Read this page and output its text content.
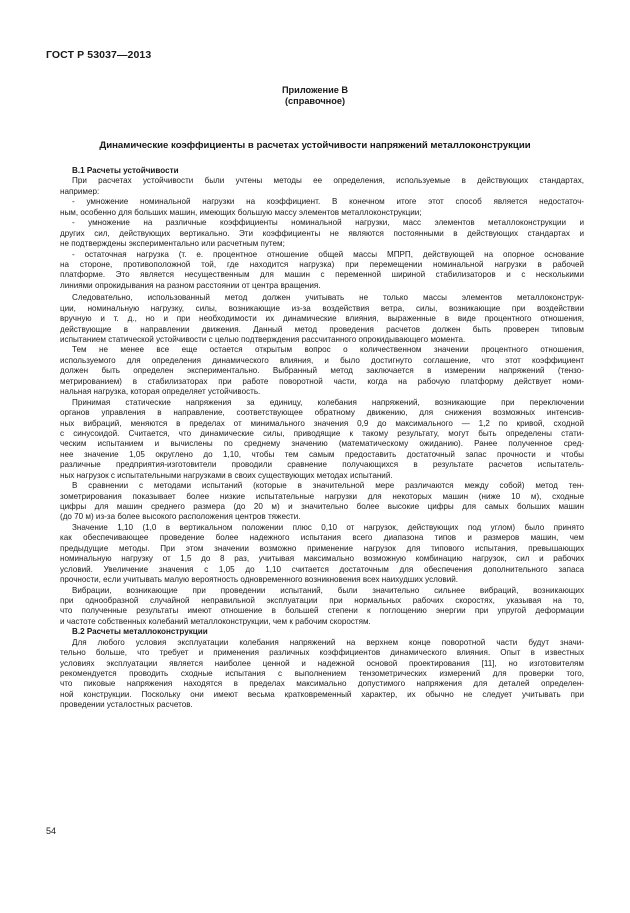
ГОСТ Р 53037—2013
Приложение В
(справочное)
Динамические коэффициенты в расчетах устойчивости напряжений металлоконструкции

В.1 Расчеты устойчивости

При расчетах устойчивости были учтены методы ее определения, используемые в действующих стандартах,

например:

- умножение номинальной нагрузки на коэффициент. В конечном итоге этот способ является недостаточ-

ным, особенно для больших машин, имеющих большую массу элементов металлоконструкции;

- умножение на различные коэффициенты номинальной нагрузки, масс элементов металлоконструкции и

других сил, действующих вертикально. Эти коэффициенты не являются постоянными в действующих стандартах и

не подтверждены экспериментально или расчетным путем;

- остаточная нагрузка (т. е. процентное отношение общей массы МПРП, действующей на опорное основание

на стороне, противоположной той, где находится нагрузка) при перемещении номинальной нагрузки в рабочей

платформе. Это является несущественным для машин с переменной шириной стабилизаторов и с несколькими

линиями опрокидывания на разном расстоянии от центра вращения.

Следовательно, использованный метод должен учитывать не только массы элементов металлоконструк-

ции, номинальную нагрузку, силы, возникающие из-за воздействия ветра, силы, возникающие при воздействии

вручную и т. д., но и при необходимости их динамические влияния, выраженные в виде процентного отношения,

действующие в направлении движения. Данный метод проведения расчетов должен быть проверен типовым

испытанием статической устойчивости с целью подтверждения рассчитанного опрокидывающего момента.

Тем не менее все еще остается открытым вопрос о количественном значении процентного отношения,

используемого для определения динамического влияния, и было достигнуто соглашение, что этот коэффициент

должен быть определен экспериментально. Выбранный метод заключается в измерении напряжений (тензо-

метрированием) в стабилизаторах при работе поворотной части, когда на рабочую платформу действует номи-

нальная нагрузка, которая определяет устойчивость.

Принимая статические напряжения за единицу, колебания напряжений, возникающие при переключении

органов управления в направление, соответствующее обратному движению, для снижения возможных интенсив-

ных вибраций, меняются в пределах от минимального значения 0,9 до максимального — 1,2 по кривой, сходной

с синусоидой. Считается, что динамические силы, приводящие к такому результату, могут быть определены стати-

ческим испытанием и вычислены по среднему значению (математическому ожиданию). Ранее полученное сред-

нее значение 1,05 округлено до 1,10, чтобы тем самым предоставить достаточный запас прочности и чтобы

различные предприятия-изготовители проводили сравнение получающихся в результате расчетов испытатель-

ных нагрузок с испытательными нагрузками в своих существующих методах испытаний.

В сравнении с методами испытаний (которые в значительной мере различаются между собой) метод тен-

зометрирования показывает более низкие испытательные нагрузки для некоторых машин (ниже 10 м), сходные

цифры для машин среднего размера (до 20 м) и значительно более высокие цифры для самых больших машин

(до 70 м) из-за более высокого расположения центров тяжести.

Значение 1,10 (1,0 в вертикальном положении плюс 0,10 от нагрузок, действующих под углом) было принято

как обеспечивающее проведение более надежного испытания всего диапазона типов и размеров машин, чем

предыдущие методы. При этом значении возможно применение нагрузок для типового испытания, превышающих

номинальную нагрузку от 1,5 до 8 раз, учитывая максимально возможную комбинацию нагрузок, сил и рабочих

условий. Увеличение значения с 1,05 до 1,10 считается достаточным для обеспечения дополнительного запаса

прочности, если учитывать малую вероятность одновременного возникновения всех наихудших условий.

Вибрации, возникающие при проведении испытаний, были значительно сильнее вибраций, возникающих

при однообразной случайной неправильной эксплуатации при нормальных рабочих скоростях, указывая на то,

что полученные результаты имеют отношение в большей степени к поглощению энергии при упругой деформации

и частоте собственных колебаний металлоконструкции, чем к рабочим скоростям.

В.2 Расчеты металлоконструкции

Для любого условия эксплуатации колебания напряжений на верхнем конце поворотной части будут значи-

тельно больше, что требует и применения различных коэффициентов динамического влияния. Опыт в известных

условиях эксплуатации является наиболее ценной и надежной основой проектирования [11], но изготовителям

рекомендуется проводить сходные испытания с выполнением тензометрических измерений для проверки того,

что пиковые напряжения находятся в пределах максимально допустимого напряжения для деталей определен-

ной конструкции. Поскольку они имеют весьма кратковременный характер, их обычно не следует учитывать при

проведении усталостных расчетов.

54
